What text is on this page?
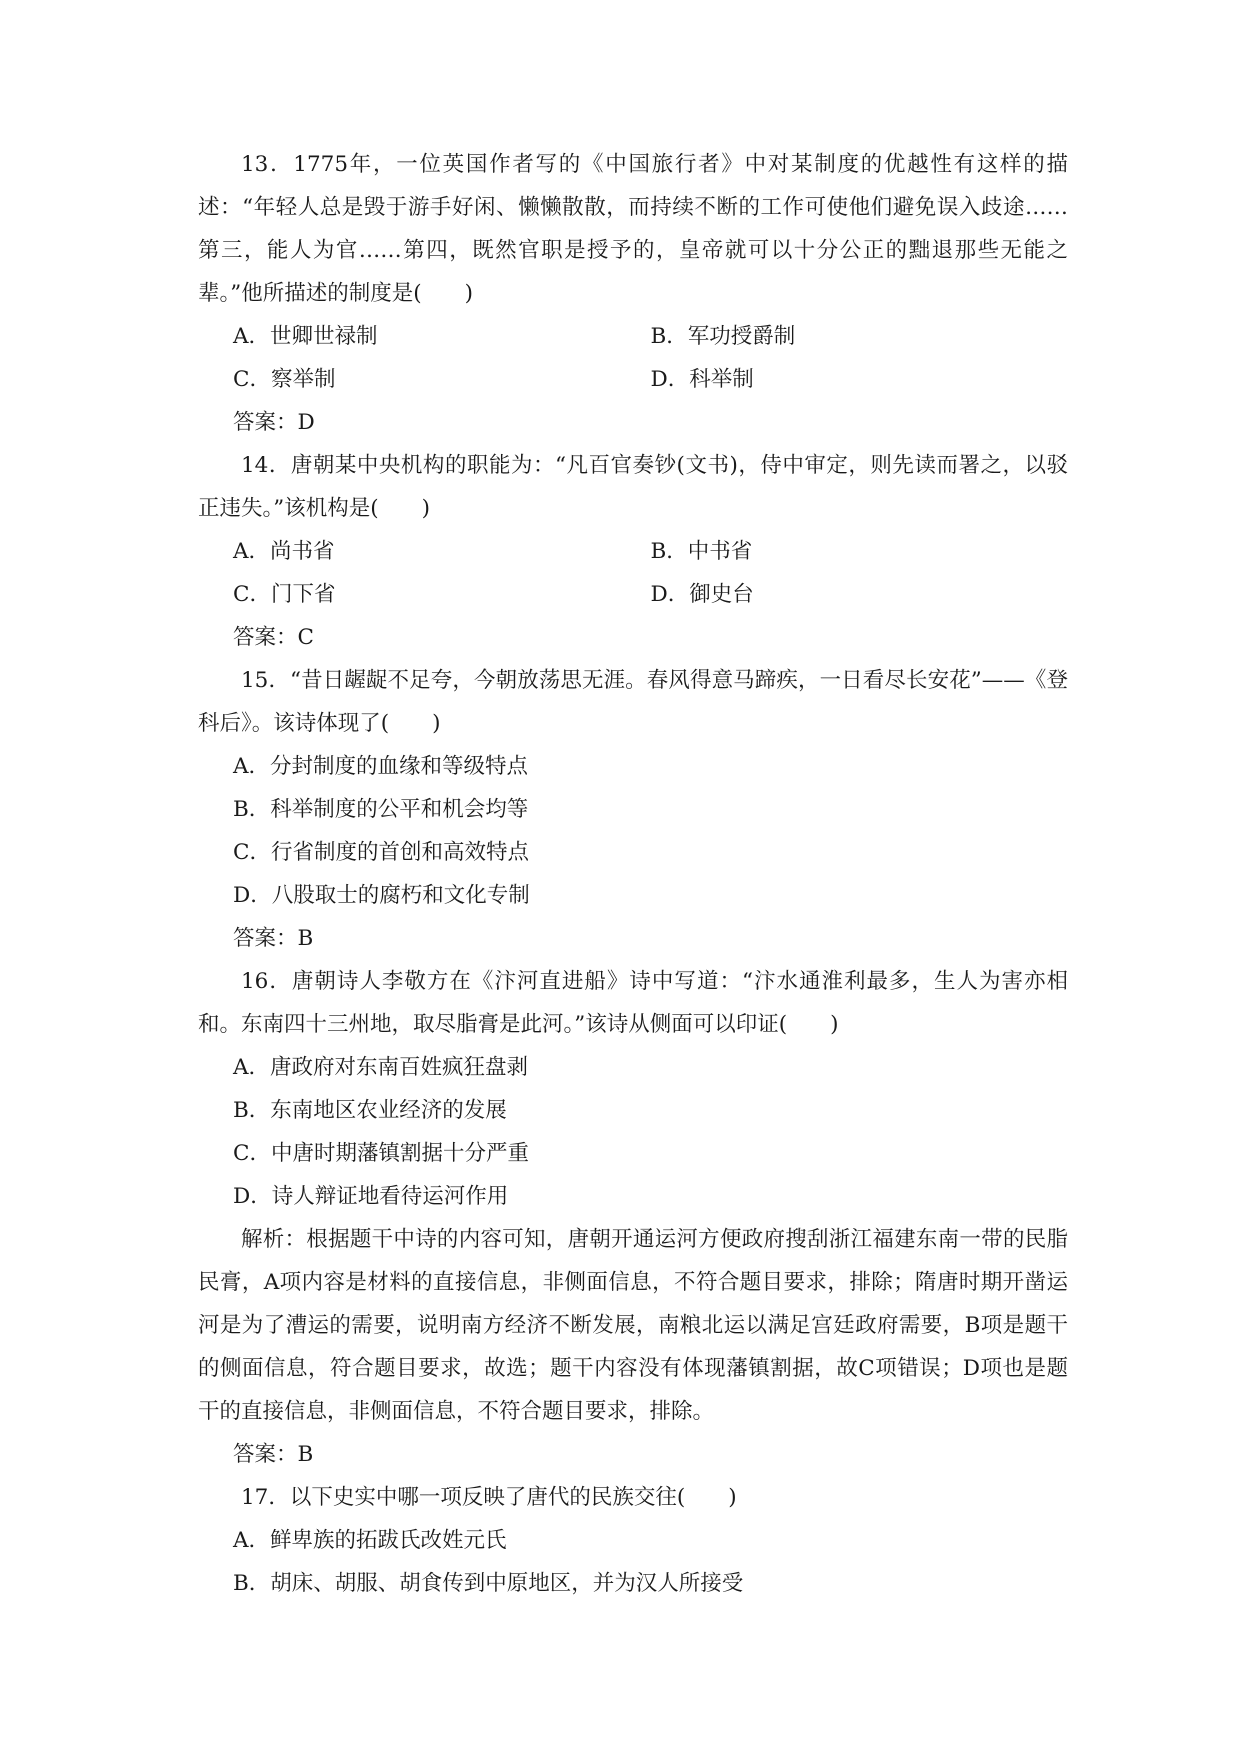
13．1775年，一位英国作者写的《中国旅行者》中对某制度的优越性有这样的描述：“年轻人总是毁于游手好闲、懒懒散散，而持续不断的工作可使他们避免误入歧途……第三，能人为官……第四，既然官职是授予的，皇帝就可以十分公正的黜退那些无能之辈。”他所描述的制度是(　　)

A．世卿世禄制	B．军功授爵制
C．察举制	D．科举制

答案：D

14．唐朝某中央机构的职能为：“凡百官奏钞(文书)，侍中审定，则先读而署之，以驳正违失。”该机构是(　　)

A．尚书省	B．中书省
C．门下省	D．御史台

答案：C

15．“昔日龌龊不足夸，今朝放荡思无涯。春风得意马蹄疾，一日看尽长安花”——《登科后》。该诗体现了(　　)

A．分封制度的血缘和等级特点

B．科举制度的公平和机会均等

C．行省制度的首创和高效特点

D．八股取士的腐朽和文化专制

答案：B

16．唐朝诗人李敬方在《汴河直进船》诗中写道：“汴水通淮利最多，生人为害亦相和。东南四十三州地，取尽脂膏是此河。”该诗从侧面可以印证(　　)

A．唐政府对东南百姓疯狂盘剥

B．东南地区农业经济的发展

C．中唐时期藩镇割据十分严重

D．诗人辩证地看待运河作用

解析：根据题干中诗的内容可知，唐朝开通运河方便政府搜刮浙江福建东南一带的民脂民膏，A项内容是材料的直接信息，非侧面信息，不符合题目要求，排除；隋唐时期开凿运河是为了漕运的需要，说明南方经济不断发展，南粮北运以满足宫廷政府需要，B项是题干的侧面信息，符合题目要求，故选；题干内容没有体现藩镇割据，故C项错误；D项也是题干的直接信息，非侧面信息，不符合题目要求，排除。

答案：B

17．以下史实中哪一项反映了唐代的民族交往(　　)

A．鲜卑族的拓跋氏改姓元氏

B．胡床、胡服、胡食传到中原地区，并为汉人所接受
